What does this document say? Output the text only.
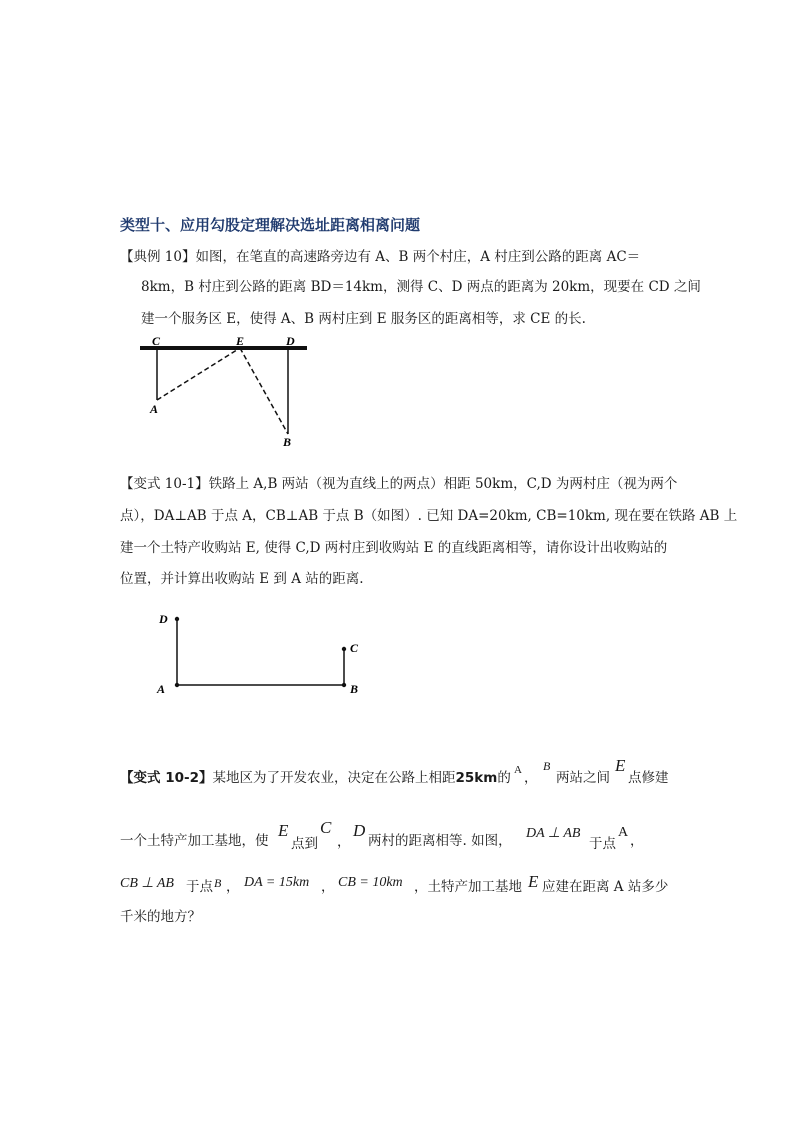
类型十、应用勾股定理解决选址距离相离问题
【典例 10】如图，在笔直的高速路旁边有 A、B 两个村庄，A 村庄到公路的距离 AC＝
8km，B 村庄到公路的距离 BD＝14km，测得 C、D 两点的距离为 20km，现要在 CD 之间
建一个服务区 E，使得 A、B 两村庄到 E 服务区的距离相等，求 CE 的长.
C	E	D
A
B
【变式 10-1】铁路上 A,B 两站（视为直线上的两点）相距 50km，C,D 为两村庄（视为两个
点），DA⊥AB 于点 A，CB⊥AB 于点 B（如图）. 已知 DA=20km, CB=10km, 现在要在铁路 AB 上
建一个土特产收购站 E, 使得 C,D 两村庄到收购站 E 的直线距离相等，请你设计出收购站的
位置，并计算出收购站 E 到 A 站的距离.
D
C
A	B
【变式 10-2】某地区为了开发农业，决定在公路上相距25km的 A ，
B
两站之间
E
点修建
一个土特产加工基地，使
E
点到
C
，
D
两村的距离相等. 如图， DA ⊥ AB
于点
A
，
CB ⊥ AB 于点 B ， DA = 15km ， CB = 10km ，土特产加工基地 E 应建在距离 A 站多少
千米的地方？
